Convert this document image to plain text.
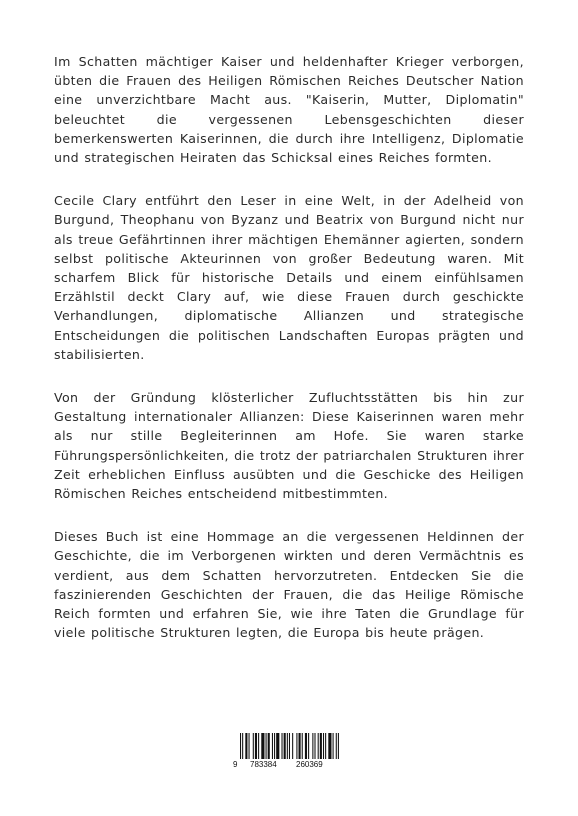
Im Schatten mächtiger Kaiser und heldenhafter Krieger verborgen, übten die Frauen des Heiligen Römischen Reiches Deutscher Nation eine unverzichtbare Macht aus. "Kaiserin, Mutter, Diplomatin" beleuchtet die vergessenen Lebensgeschichten dieser bemerkenswerten Kaiserinnen, die durch ihre Intelligenz, Diplomatie und strategischen Heiraten das Schicksal eines Reiches formten.

Cecile Clary entführt den Leser in eine Welt, in der Adelheid von Burgund, Theophanu von Byzanz und Beatrix von Burgund nicht nur als treue Gefährtinnen ihrer mächtigen Ehemänner agierten, sondern selbst politische Akteurinnen von großer Bedeutung waren. Mit scharfem Blick für historische Details und einem einfühlsamen Erzählstil deckt Clary auf, wie diese Frauen durch geschickte Verhandlungen, diplomatische Allianzen und strategische Entscheidungen die politischen Landschaften Europas prägten und stabilisierten.

Von der Gründung klösterlicher Zufluchtsstätten bis hin zur Gestaltung internationaler Allianzen: Diese Kaiserinnen waren mehr als nur stille Begleiterinnen am Hofe. Sie waren starke Führungspersönlichkeiten, die trotz der patriarchalen Strukturen ihrer Zeit erheblichen Einfluss ausübten und die Geschicke des Heiligen Römischen Reiches entscheidend mitbestimmten.

Dieses Buch ist eine Hommage an die vergessenen Heldinnen der Geschichte, die im Verborgenen wirkten und deren Vermächtnis es verdient, aus dem Schatten hervorzutreten. Entdecken Sie die faszinierenden Geschichten der Frauen, die das Heilige Römische Reich formten und erfahren Sie, wie ihre Taten die Grundlage für viele politische Strukturen legten, die Europa bis heute prägen.

9 783384 260369
